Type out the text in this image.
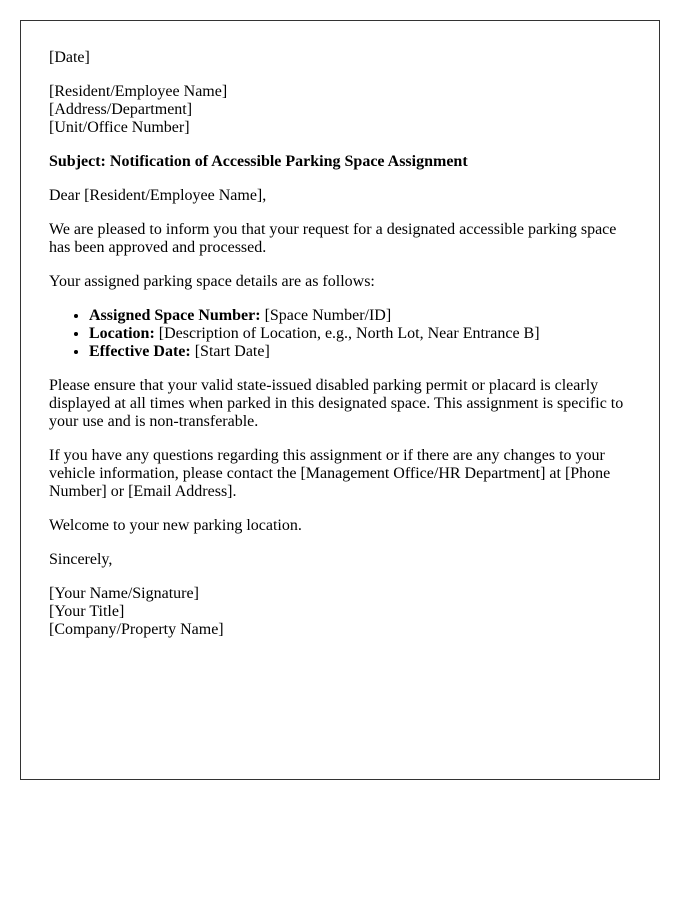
[Date]

[Resident/Employee Name]
[Address/Department]
[Unit/Office Number]

Subject: Notification of Accessible Parking Space Assignment

Dear [Resident/Employee Name],

We are pleased to inform you that your request for a designated accessible parking space has been approved and processed.

Your assigned parking space details are as follows:

• Assigned Space Number: [Space Number/ID]
• Location: [Description of Location, e.g., North Lot, Near Entrance B]
• Effective Date: [Start Date]

Please ensure that your valid state-issued disabled parking permit or placard is clearly displayed at all times when parked in this designated space. This assignment is specific to your use and is non-transferable.

If you have any questions regarding this assignment or if there are any changes to your vehicle information, please contact the [Management Office/HR Department] at [Phone Number] or [Email Address].

Welcome to your new parking location.

Sincerely,

[Your Name/Signature]
[Your Title]
[Company/Property Name]
